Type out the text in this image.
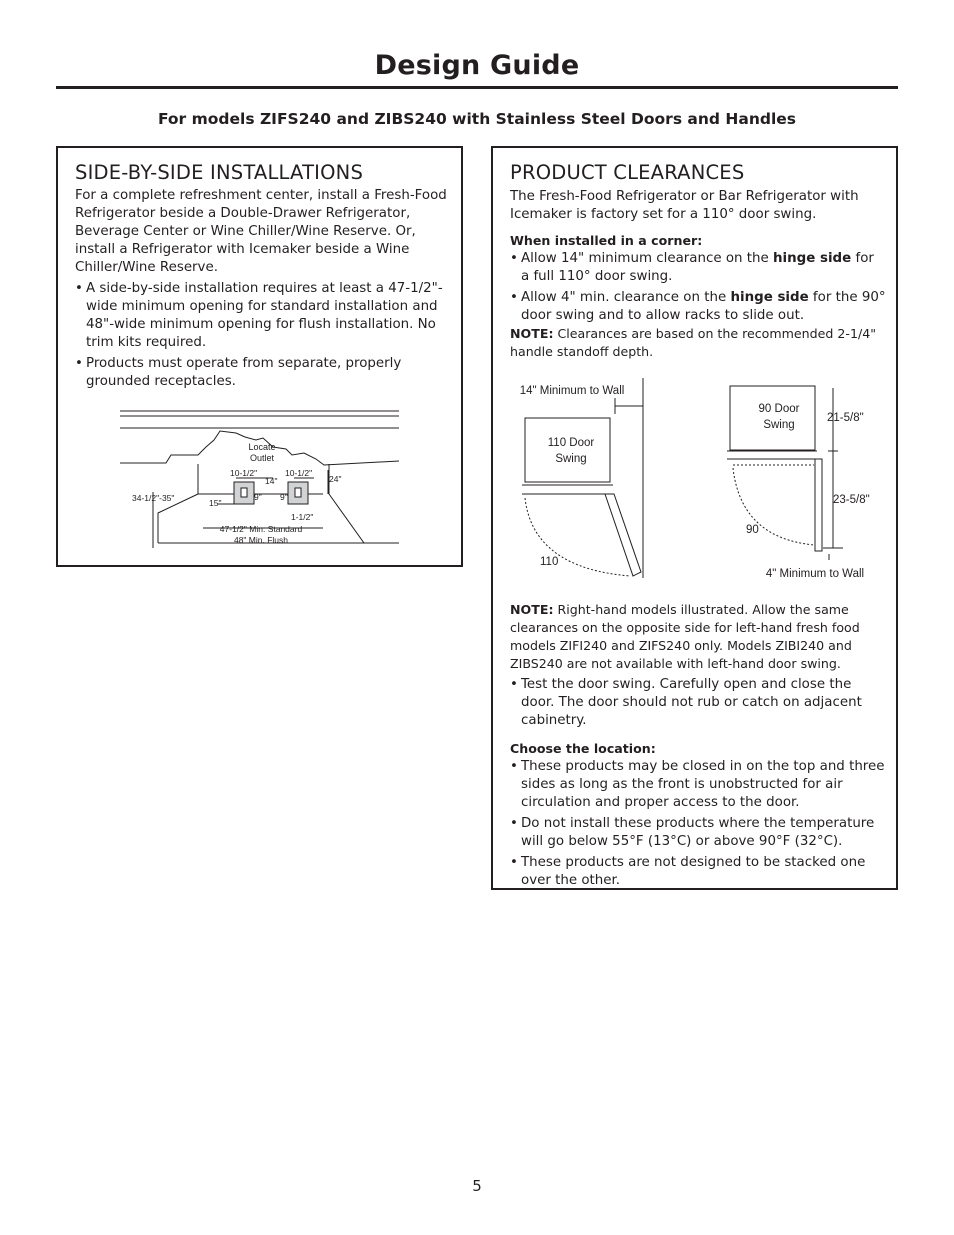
Design Guide
For models ZIFS240 and ZIBS240 with Stainless Steel Doors and Handles
SIDE-BY-SIDE INSTALLATIONS

For a complete refreshment center, install a Fresh-Food Refrigerator beside a Double-Drawer Refrigerator, Beverage Center or Wine Chiller/Wine Reserve. Or, install a Refrigerator with Icemaker beside a Wine Chiller/Wine Reserve.

• A side-by-side installation requires at least a 47-1/2"-wide minimum opening for standard installation and 48"-wide minimum opening for flush installation. No trim kits required.
• Products must operate from separate, properly grounded receptacles.
Locate
Outlet
10-1/2"	10-1/2"
14"	24"
34-1/2"-35"	15"
9" 9"
1-1/2"
47-1/2" Min. Standard
48" Min. Flush
PRODUCT CLEARANCES

The Fresh-Food Refrigerator or Bar Refrigerator with Icemaker is factory set for a 110° door swing.

When installed in a corner:

• Allow 14" minimum clearance on the hinge side for a full 110° door swing.
• Allow 4" min. clearance on the hinge side for the 90° door swing and to allow racks to slide out.

NOTE: Clearances are based on the recommended 2-1/4" handle standoff depth.

14" Minimum to Wall
110 Door
Swing
110
90 Door
Swing
21-5/8"
23-5/8"
90
4" Minimum to Wall

NOTE: Right-hand models illustrated. Allow the same clearances on the opposite side for left-hand fresh food models ZIFI240 and ZIFS240 only. Models ZIBI240 and ZIBS240 are not available with left-hand door swing.

• Test the door swing. Carefully open and close the door. The door should not rub or catch on adjacent cabinetry.

Choose the location:

• These products may be closed in on the top and three sides as long as the front is unobstructed for air circulation and proper access to the door.
• Do not install these products where the temperature will go below 55°F (13°C) or above 90°F (32°C).
• These products are not designed to be stacked one over the other.
5
